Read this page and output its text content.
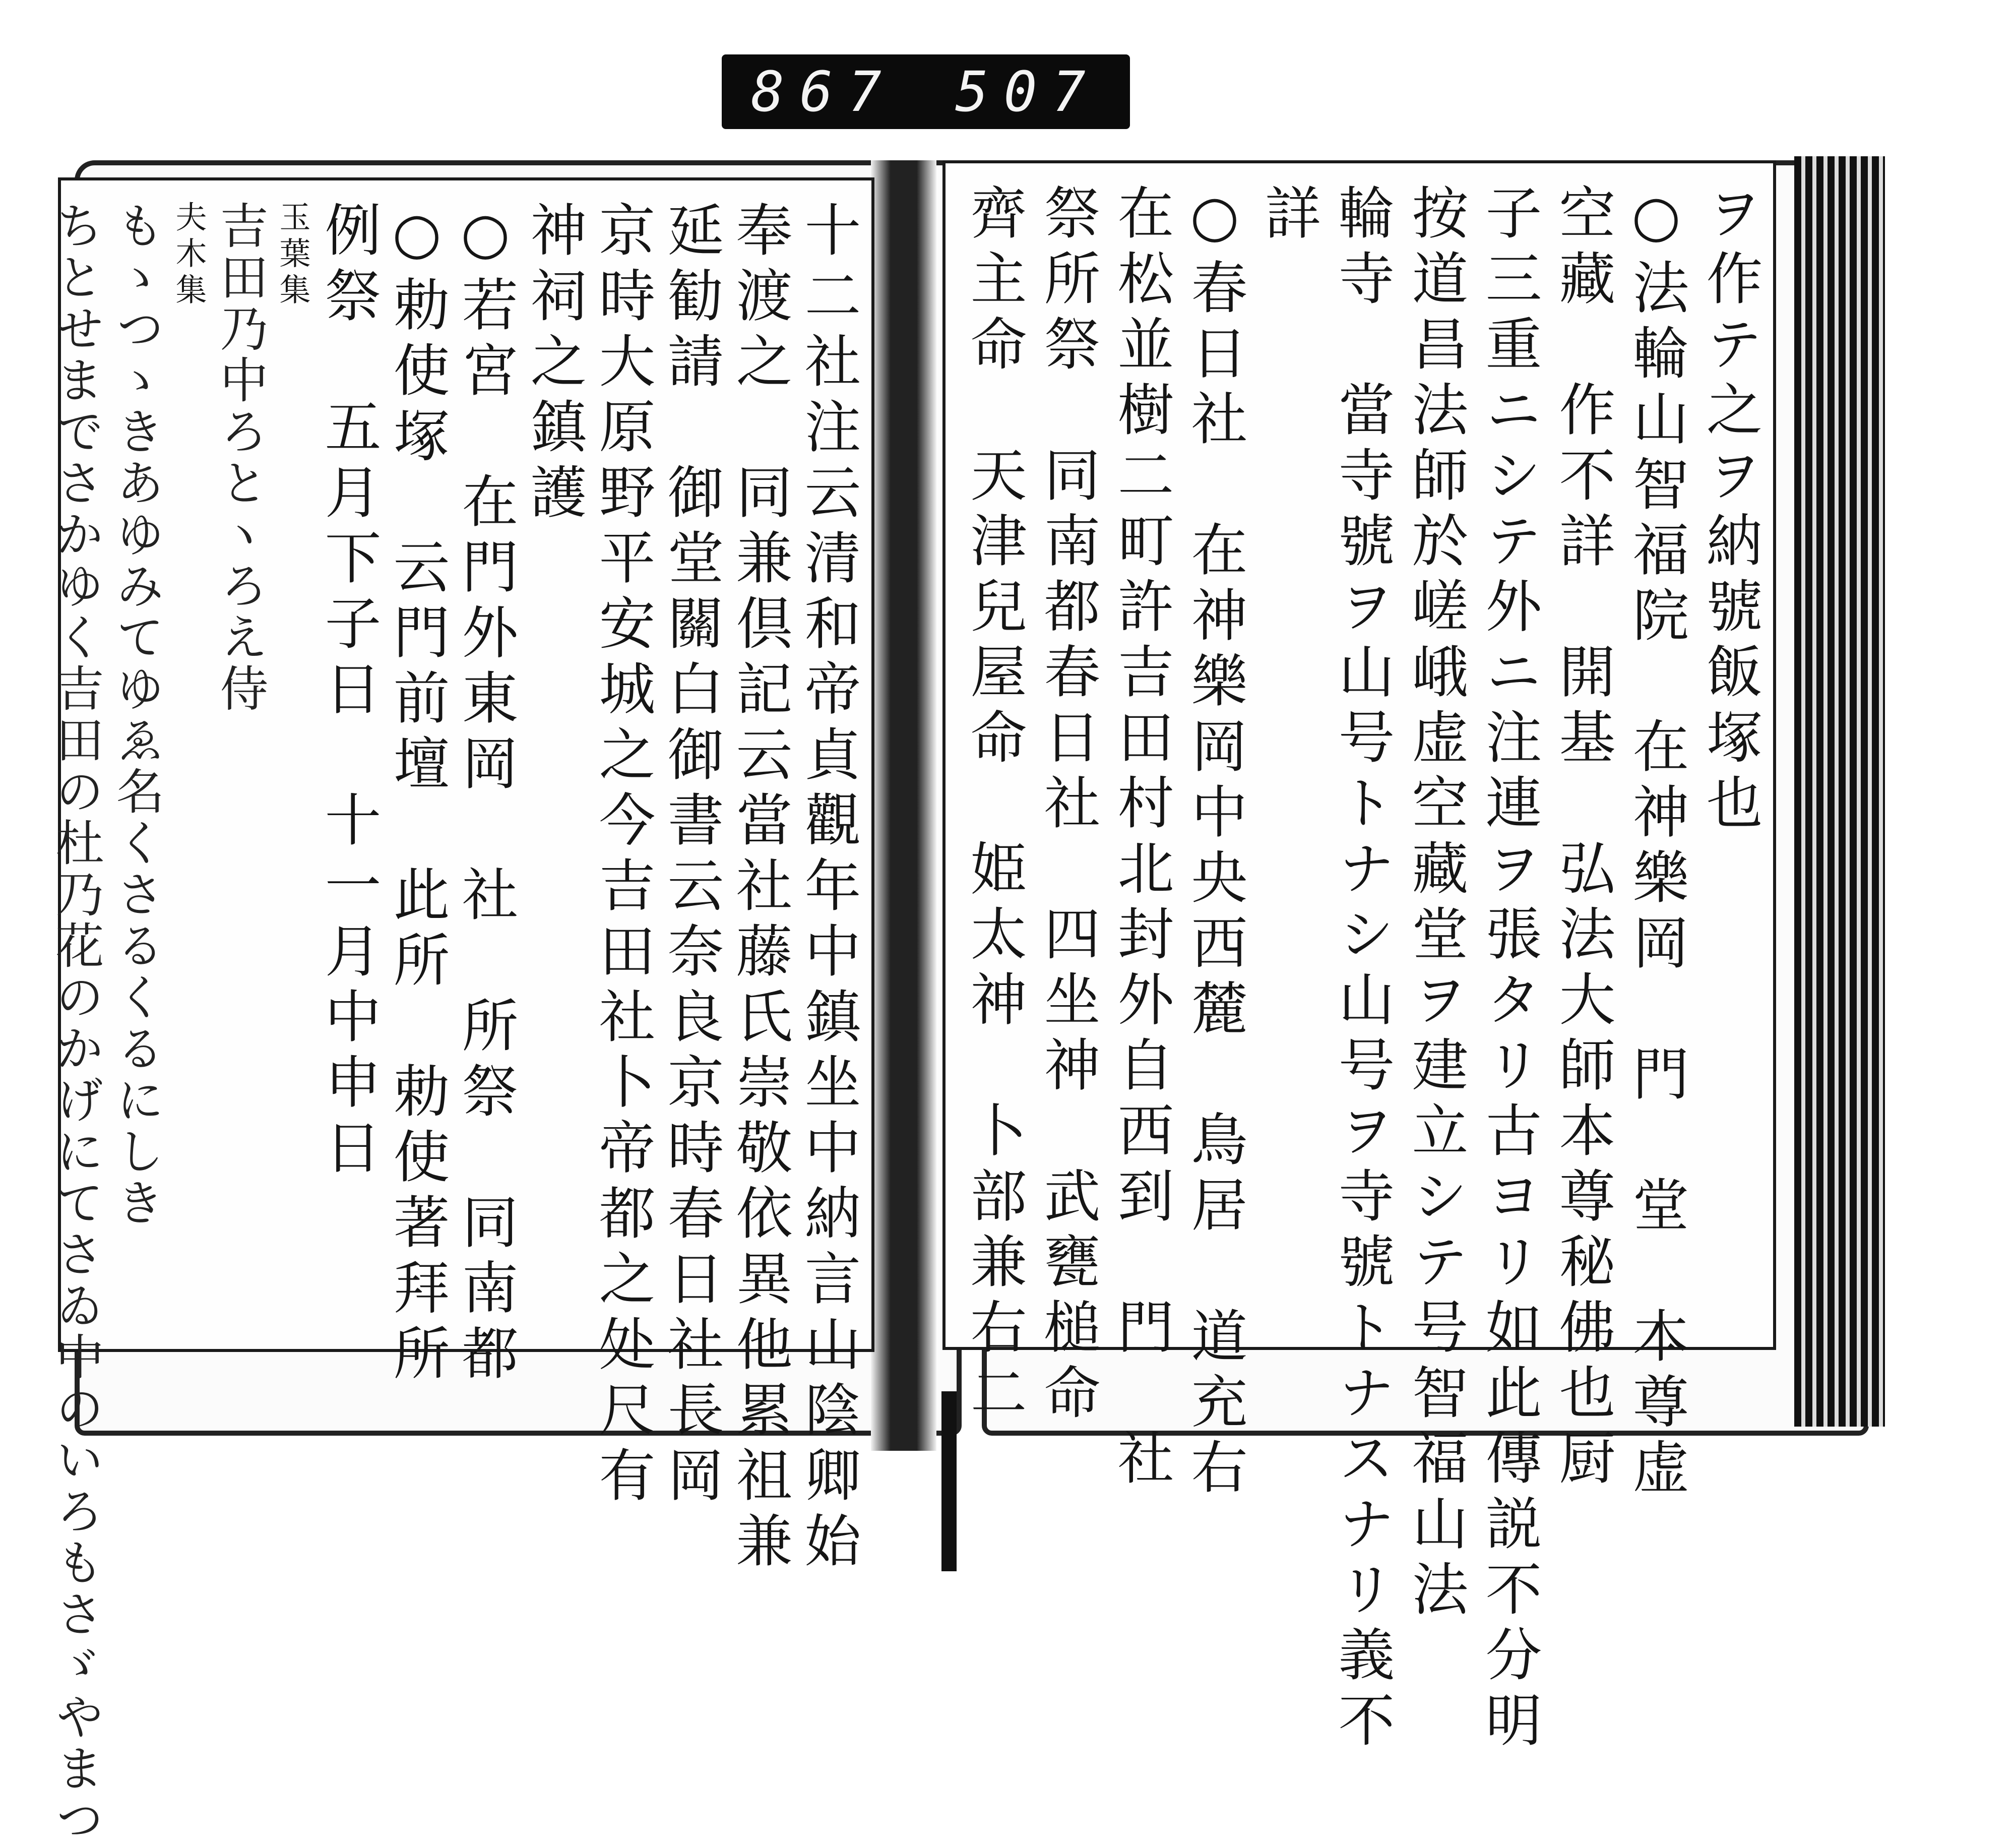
867 507
十二社注云清和帝貞觀年中鎮坐中納言山陰卿始
奉渡之　同兼倶記云當社藤氏崇敬依異他累祖兼
延勧請　御堂關白御書云奈良京時春日社長岡
京時大原野平安城之今吉田社卜帝都之处尺有
神祠之鎮護
○若宮　在門外東岡　社　所祭　同南都
○勅使塚　云門前壇　此所　勅使著拜所
例祭　五月下子日　十一月中申日
玉葉集
吉田乃中ろとヽろえ侍
夫木集
もゝつゝきあゆみてゆゑ名くさるくるにしき
ちとせまでさかゆく吉田の杜乃花のかげにてさゐ中のいろもさゞやまつ	ヲ作テ之ヲ納號飯塚也
○法輪山智福院　在神樂岡　門　堂　本尊虚
空藏　作不詳　開基　弘法大師本尊秘佛也厨
子三重ニシテ外ニ注連ヲ張タリ古ヨリ如此傳説不分明
按道昌法師於嵯峨虚空藏堂ヲ建立シテ号智福山法
輪寺　當寺號ヲ山号トナシ山号ヲ寺號トナスナリ義不
詳
○春日社　在神樂岡中央西麓　鳥居　道充右
在松並樹二町許吉田村北封外自西到　門　社
祭所祭　同南都春日社　四坐神　武甕槌命
齊主命　天津兒屋命　姫太神　卜部兼右二
